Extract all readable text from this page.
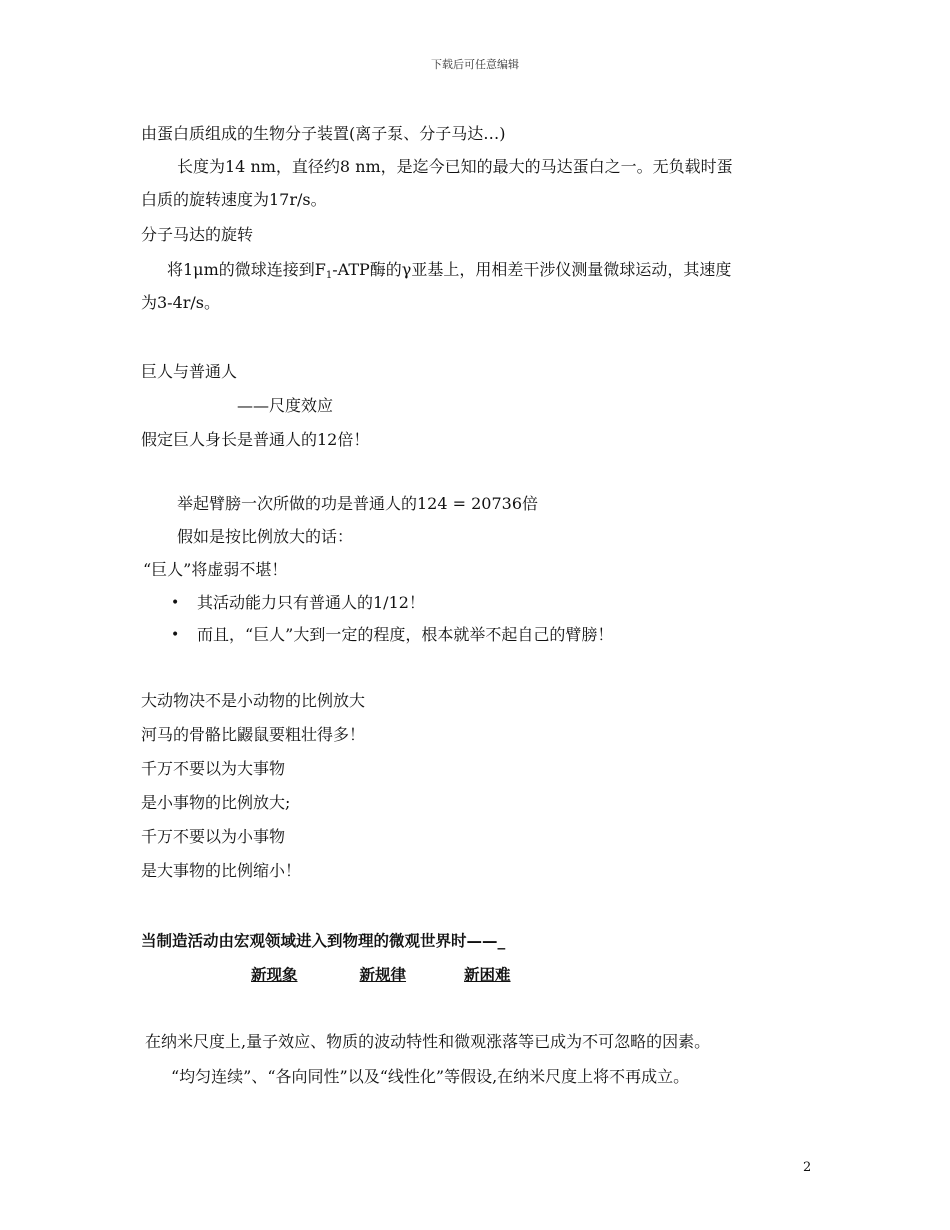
下载后可任意编辑
由蛋白质组成的生物分子装置(离子泵、分子马达…)
长度为14 nm，直径约8 nm，是迄今已知的最大的马达蛋白之一。无负载时蛋
白质的旋转速度为17r/s。
分子马达的旋转
将1μm的微球连接到$F_1$-ATP酶的γ亚基上，用相差干涉仪测量微球运动，其速度
为3-4r/s。
巨人与普通人
——尺度效应
假定巨人身长是普通人的12倍！
举起臂膀一次所做的功是普通人的124 = 20736倍
假如是按比例放大的话：
“巨人”将虚弱不堪！
• 其活动能力只有普通人的1/12！
• 而且，“巨人”大到一定的程度，根本就举不起自己的臂膀！
大动物决不是小动物的比例放大
河马的骨骼比鼹鼠要粗壮得多！
千万不要以为大事物
是小事物的比例放大;
千万不要以为小事物
是大事物的比例缩小！
当制造活动由宏观领域进入到物理的微观世界时——_
新现象	新规律	新困难
在纳米尺度上,量子效应、物质的波动特性和微观涨落等已成为不可忽略的因素。
“均匀连续”、“各向同性”以及“线性化”等假设,在纳米尺度上将不再成立。
2
